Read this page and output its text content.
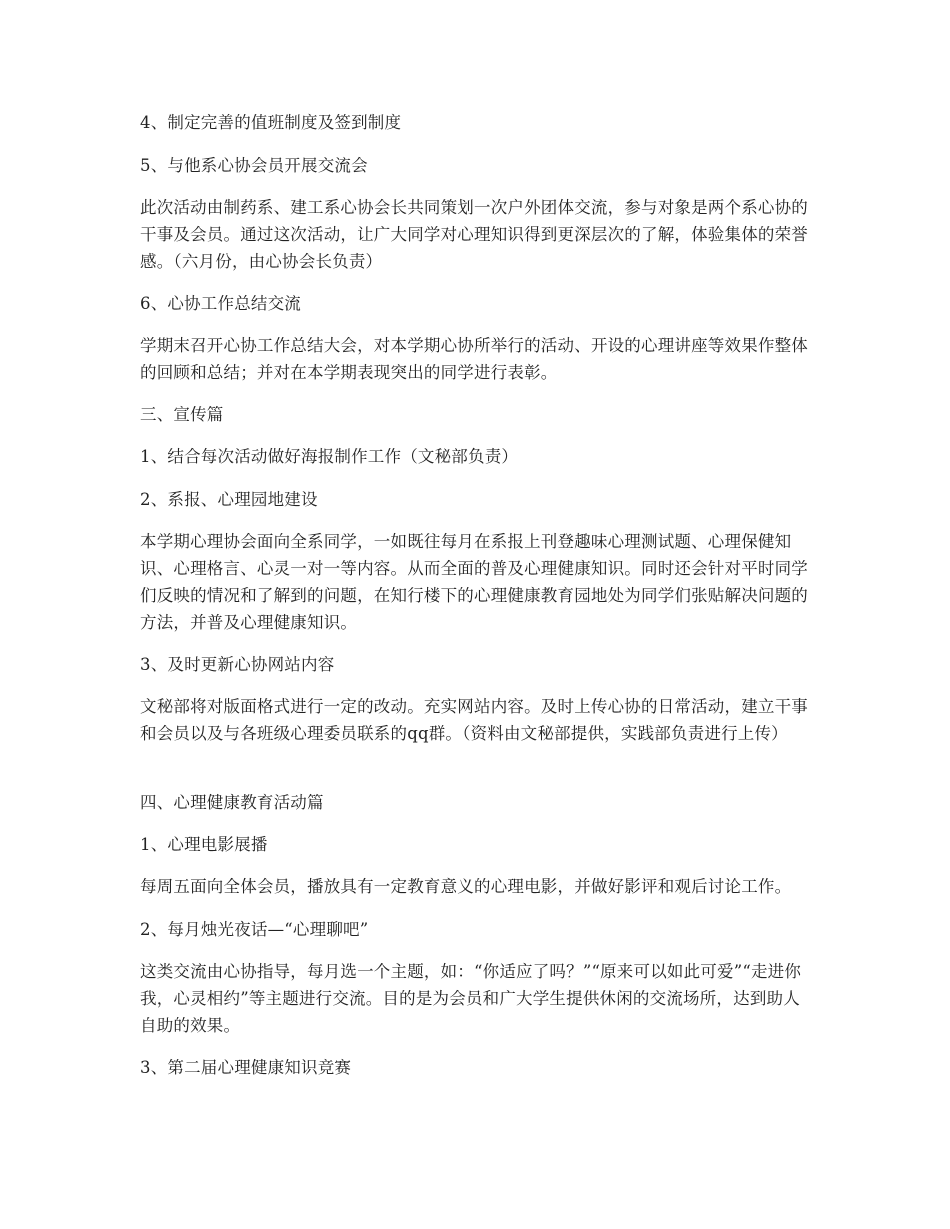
4、制定完善的值班制度及签到制度

5、与他系心协会员开展交流会

此次活动由制药系、建工系心协会长共同策划一次户外团体交流，参与对象是两个系心协的干事及会员。通过这次活动，让广大同学对心理知识得到更深层次的了解，体验集体的荣誉感。（六月份，由心协会长负责）

6、心协工作总结交流

学期末召开心协工作总结大会，对本学期心协所举行的活动、开设的心理讲座等效果作整体的回顾和总结；并对在本学期表现突出的同学进行表彰。

三、宣传篇

1、结合每次活动做好海报制作工作（文秘部负责）

2、系报、心理园地建设

本学期心理协会面向全系同学，一如既往每月在系报上刊登趣味心理测试题、心理保健知识、心理格言、心灵一对一等内容。从而全面的普及心理健康知识。同时还会针对平时同学们反映的情况和了解到的问题，在知行楼下的心理健康教育园地处为同学们张贴解决问题的方法，并普及心理健康知识。

3、及时更新心协网站内容

文秘部将对版面格式进行一定的改动。充实网站内容。及时上传心协的日常活动，建立干事和会员以及与各班级心理委员联系的qq群。（资料由文秘部提供，实践部负责进行上传）

四、心理健康教育活动篇

1、心理电影展播

每周五面向全体会员，播放具有一定教育意义的心理电影，并做好影评和观后讨论工作。

2、每月烛光夜话—“心理聊吧”

这类交流由心协指导，每月选一个主题，如：“你适应了吗？”“原来可以如此可爱”“走进你我，心灵相约”等主题进行交流。目的是为会员和广大学生提供休闲的交流场所，达到助人自助的效果。

3、第二届心理健康知识竞赛
